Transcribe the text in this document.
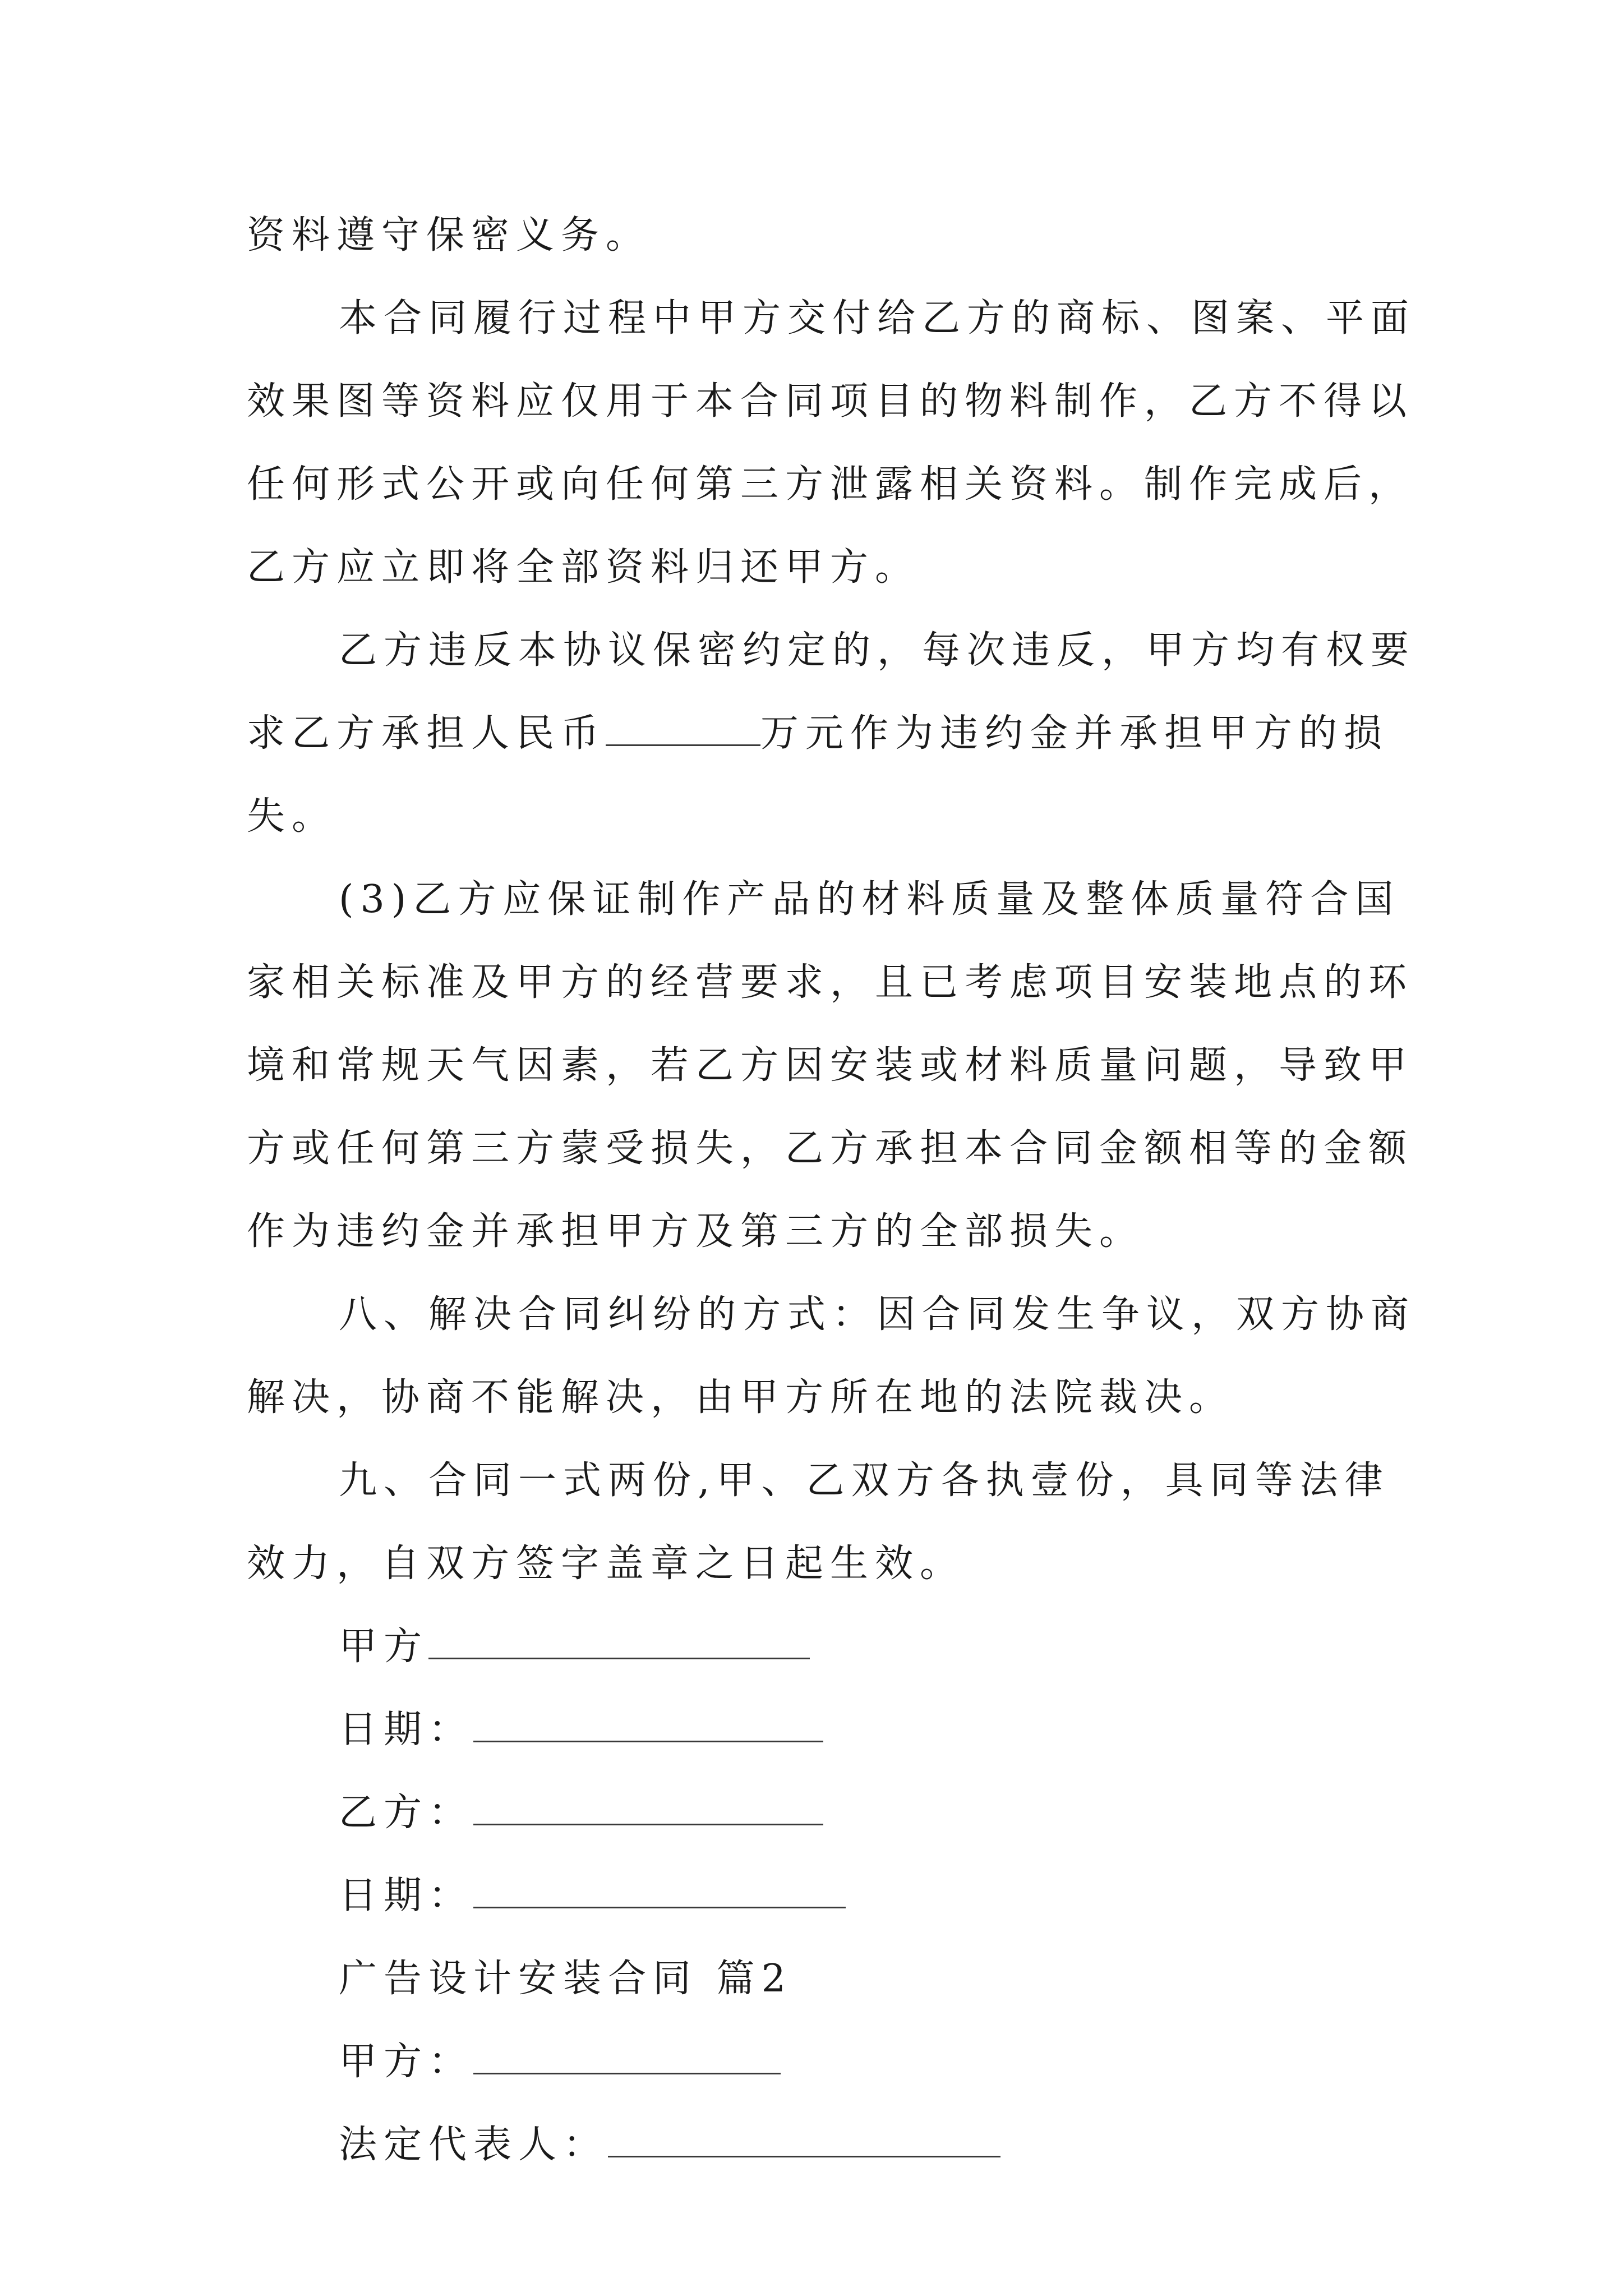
资料遵守保密义务。
本合同履行过程中甲方交付给乙方的商标、图案、平面
效果图等资料应仅用于本合同项目的物料制作，乙方不得以
任何形式公开或向任何第三方泄露相关资料。制作完成后，
乙方应立即将全部资料归还甲方。
乙方违反本协议保密约定的，每次违反，甲方均有权要
求乙方承担人民币	万元作为违约金并承担甲方的损
失。
(3)乙方应保证制作产品的材料质量及整体质量符合国
家相关标准及甲方的经营要求，且已考虑项目安装地点的环
境和常规天气因素，若乙方因安装或材料质量问题，导致甲
方或任何第三方蒙受损失，乙方承担本合同金额相等的金额
作为违约金并承担甲方及第三方的全部损失。
八、解决合同纠纷的方式：因合同发生争议，双方协商
解决，协商不能解决，由甲方所在地的法院裁决。
九、合同一式两份,甲、乙双方各执壹份，具同等法律
效力，自双方签字盖章之日起生效。
甲方
日期：
乙方：
日期：
广告设计安装合同 篇2
甲方：
法定代表人：
